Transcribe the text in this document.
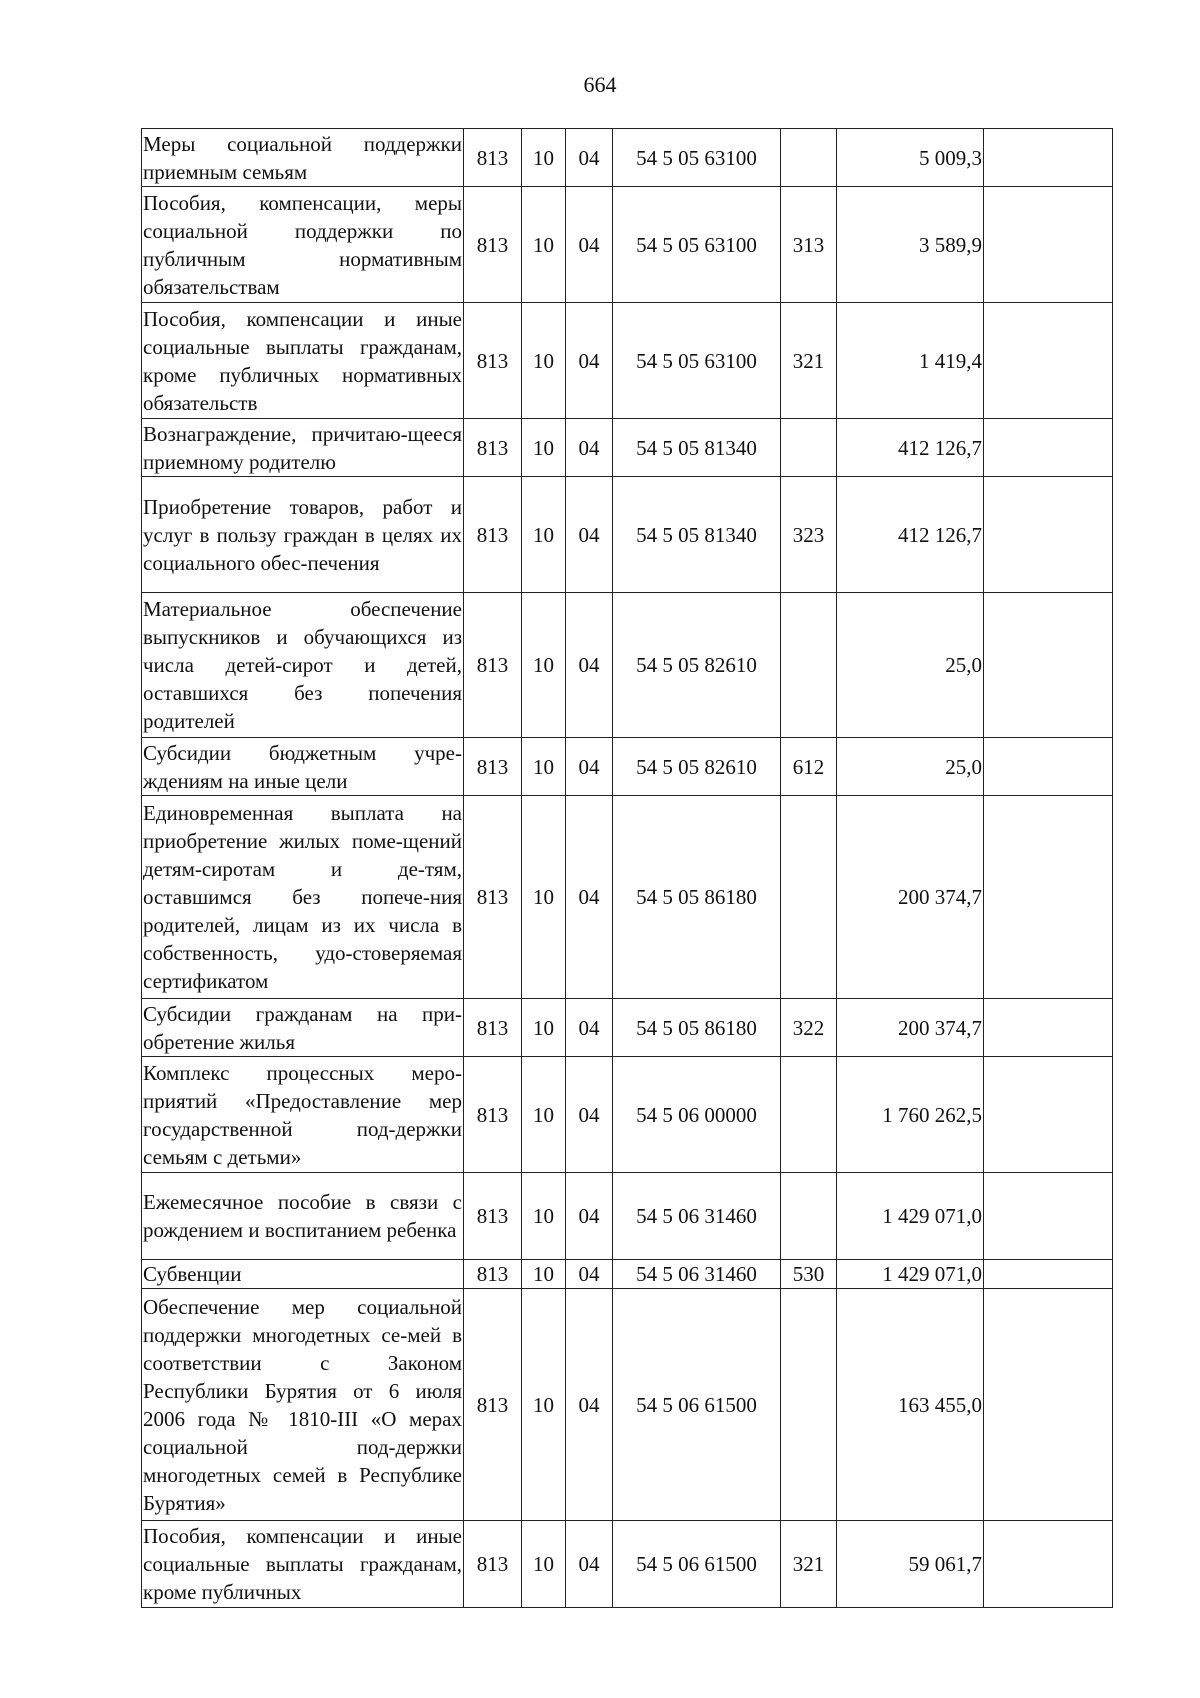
664
Меры социальной поддержки приемным семьям	813	10	04	54 5 05 63100		5 009,3	
Пособия, компенсации, меры социальной поддержки по публичным нормативным обязательствам	813	10	04	54 5 05 63100	313	3 589,9	
Пособия, компенсации и иные социальные выплаты гражданам, кроме публичных нормативных обязательств	813	10	04	54 5 05 63100	321	1 419,4	
Вознаграждение, причитаю-щееся приемному родителю	813	10	04	54 5 05 81340		412 126,7	
Приобретение товаров, работ и услуг в пользу граждан в целях их социального обес-печения	813	10	04	54 5 05 81340	323	412 126,7	
Материальное обеспечение выпускников и обучающихся из числа детей-сирот и детей, оставшихся без попечения родителей	813	10	04	54 5 05 82610		25,0	
Субсидии бюджетным учре-ждениям на иные цели	813	10	04	54 5 05 82610	612	25,0	
Единовременная выплата на приобретение жилых поме-щений детям-сиротам и де-тям, оставшимся без попече-ния родителей, лицам из их числа в собственность, удо-стоверяемая сертификатом	813	10	04	54 5 05 86180		200 374,7	
Субсидии гражданам на при-обретение жилья	813	10	04	54 5 05 86180	322	200 374,7	
Комплекс процессных меро-приятий «Предоставление мер государственной под-держки семьям с детьми»	813	10	04	54 5 06 00000		1 760 262,5	
Ежемесячное пособие в связи с рождением и воспитанием ребенка	813	10	04	54 5 06 31460		1 429 071,0	
Субвенции	813	10	04	54 5 06 31460	530	1 429 071,0	
Обеспечение мер социальной поддержки многодетных се-мей в соответствии с Законом Республики Бурятия от 6 июля 2006 года № 1810-III «О мерах социальной под-держки многодетных семей в Республике Бурятия»	813	10	04	54 5 06 61500		163 455,0	
Пособия, компенсации и иные социальные выплаты гражданам, кроме публичных	813	10	04	54 5 06 61500	321	59 061,7	
